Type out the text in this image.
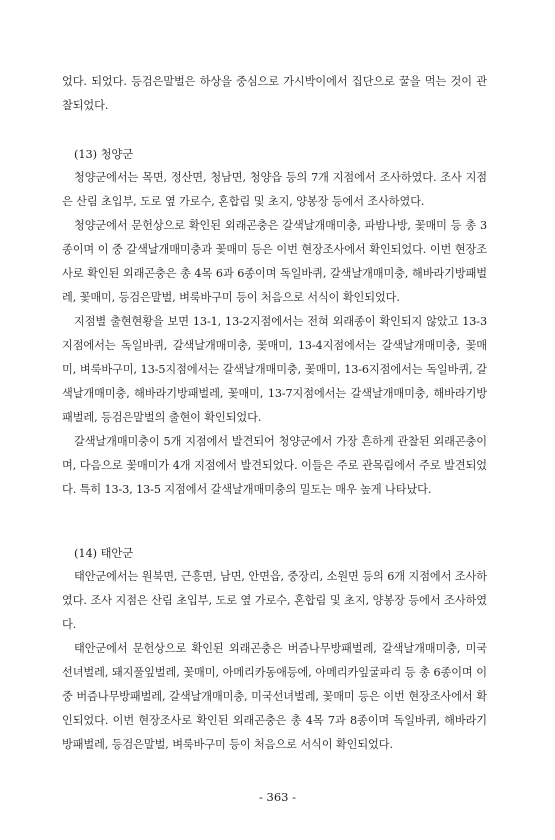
었다. 되었다. 등검은말벌은 하상을 중심으로 가시박이에서 집단으로 꿀을 먹는 것이 관찰되었다.

(13) 청양군

청양군에서는 목면, 정산면, 청남면, 청양읍 등의 7개 지점에서 조사하였다. 조사 지점은 산림 초입부, 도로 옆 가로수, 혼합림 및 초지, 양봉장 등에서 조사하였다.

청양군에서 문헌상으로 확인된 외래곤충은 갈색날개매미충, 파밤나방, 꽃매미 등 총 3종이며 이 중 갈색날개매미충과 꽃매미 등은 이번 현장조사에서 확인되었다. 이번 현장조사로 확인된 외래곤충은 총 4목 6과 6종이며 독일바퀴, 갈색날개매미충, 해바라기방패벌레, 꽃매미, 등검은말벌, 벼룩바구미 등이 처음으로 서식이 확인되었다.

지점별 출현현황을 보면 13-1, 13-2지점에서는 전혀 외래종이 확인되지 않았고 13-3지점에서는 독일바퀴, 갈색날개매미충, 꽃매미, 13-4지점에서는 갈색날개매미충, 꽃매미, 벼룩바구미, 13-5지점에서는 갈색날개매미충, 꽃매미, 13-6지점에서는 독일바퀴, 갈색날개매미충, 해바라기방패벌레, 꽃매미, 13-7지점에서는 갈색날개매미충, 해바라기방패벌레, 등검은말벌의 출현이 확인되었다.

갈색날개매미충이 5개 지점에서 발견되어 청양군에서 가장 흔하게 관찰된 외래곤충이며, 다음으로 꽃매미가 4개 지점에서 발견되었다. 이들은 주로 관목림에서 주로 발견되었다. 특히 13-3, 13-5 지점에서 갈색날개매미충의 밀도는 매우 높게 나타났다.

(14) 태안군

태안군에서는 원북면, 근흥면, 남면, 안면읍, 중장리, 소원면 등의 6개 지점에서 조사하였다. 조사 지점은 산림 초입부, 도로 옆 가로수, 혼합림 및 초지, 양봉장 등에서 조사하였다.

태안군에서 문헌상으로 확인된 외래곤충은 버즘나무방패벌레, 갈색날개매미충, 미국선녀벌레, 돼지풀잎벌레, 꽃매미, 아메리카동애등에, 아메리카잎굴파리 등 총 6종이며 이 중 버즘나무방패벌레, 갈색날개매미충, 미국선녀벌레, 꽃매미 등은 이번 현장조사에서 확인되었다. 이번 현장조사로 확인된 외래곤충은 총 4목 7과 8종이며 독일바퀴, 해바라기방패벌레, 등검은말벌, 벼룩바구미 등이 처음으로 서식이 확인되었다.

- 363 -
